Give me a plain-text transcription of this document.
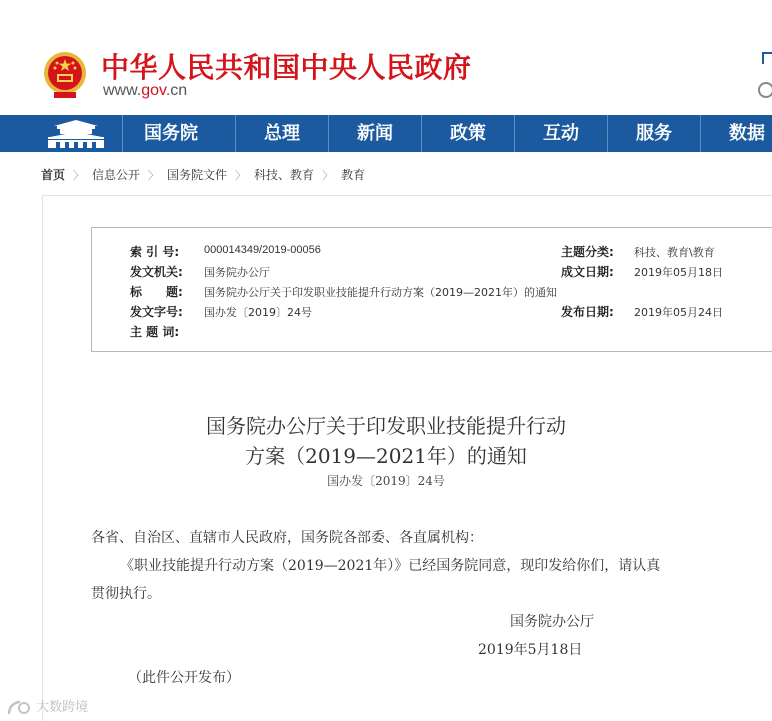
中华人民共和国中央人民政府
www.gov.cn
国务院	总理	新闻	政策	互动	服务	数据
首页 〉 信息公开 〉 国务院文件 〉 科技、教育 〉 教育
索 引 号: 000014349/2019-00056	主题分类: 科技、教育\教育
发文机关: 国务院办公厅	成文日期: 2019年05月18日
标　　题: 国务院办公厅关于印发职业技能提升行动方案（2019—2021年）的通知
发文字号: 国办发〔2019〕24号	发布日期: 2019年05月24日
主 题 词:
国务院办公厅关于印发职业技能提升行动
方案（2019—2021年）的通知
国办发〔2019〕24号
各省、自治区、直辖市人民政府，国务院各部委、各直属机构：
《职业技能提升行动方案（2019—2021年）》已经国务院同意，现印发给你们，请认真
贯彻执行。
国务院办公厅
2019年5月18日
（此件公开发布）
大数跨境
